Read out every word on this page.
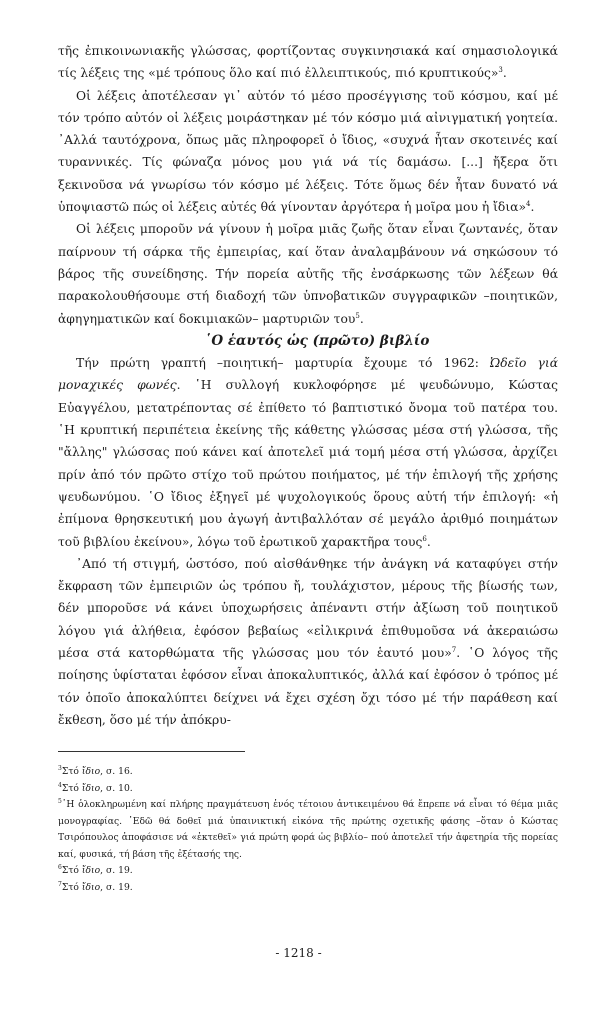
τῆς ἐπικοινωνιακῆς γλώσσας, φορτίζοντας συγκινησιακά καί σημασιολογικά τίς λέξεις της «μέ τρόπους ὅλο καί πιό ἐλλειπτικούς, πιό κρυπτικούς»$^3$.

Οἱ λέξεις ἀποτέλεσαν γι᾽ αὐτόν τό μέσο προσέγγισης τοῦ κόσμου, καί μέ τόν τρόπο αὐτόν οἱ λέξεις μοιράστηκαν μέ τόν κόσμο μιά αἰνιγματική γοητεία. ᾽Αλλά ταυτόχρονα, ὅπως μᾶς πληροφορεῖ ὁ ἴδιος, «συχνά ἦταν σκοτεινές καί τυραννικές. Τίς φώναζα μόνος μου γιά νά τίς δαμάσω. [...] ἤξερα ὅτι ξεκινοῦσα νά γνωρίσω τόν κόσμο μέ λέξεις. Τότε ὅμως δέν ἦταν δυνατό νά ὑποψιαστῶ πώς οἱ λέξεις αὐτές θά γίνονταν ἀργότερα ἡ μοῖρα μου ἡ ἴδια»$^4$.

Οἱ λέξεις μποροῦν νά γίνουν ἡ μοῖρα μιᾶς ζωῆς ὅταν εἶναι ζωντανές, ὅταν παίρνουν τή σάρκα τῆς ἐμπειρίας, καί ὅταν ἀναλαμβάνουν νά σηκώσουν τό βάρος τῆς συνείδησης. Τήν πορεία αὐτῆς τῆς ἐνσάρκωσης τῶν λέξεων θά παρακολουθήσουμε στή διαδοχή τῶν ὑπνοβατικῶν συγγραφικῶν –ποιητικῶν, ἀφηγηματικῶν καί δοκιμιακῶν– μαρτυριῶν του$^5$.

῾Ο ἑαυτός ὡς (πρῶτο) βιβλίο

Τήν πρώτη γραπτή –ποιητική– μαρτυρία ἔχουμε τό 1962: Ὠδεῖο γιά μοναχικές φωνές. ῾Η συλλογή κυκλοφόρησε μέ ψευδώνυμο, Κώστας Εὐαγγέλου, μετατρέποντας σέ ἐπίθετο τό βαπτιστικό ὄνομα τοῦ πατέρα του. ῾Η κρυπτική περιπέτεια ἐκείνης τῆς κάθετης γλώσσας μέσα στή γλώσσα, τῆς "ἄλλης" γλώσσας πού κάνει καί ἀποτελεῖ μιά τομή μέσα στή γλώσσα, ἀρχίζει πρίν ἀπό τόν πρῶτο στίχο τοῦ πρώτου ποιήματος, μέ τήν ἐπιλογή τῆς χρήσης ψευδωνύμου. ῾Ο ἴδιος ἐξηγεῖ μέ ψυχολογικούς ὅρους αὐτή τήν ἐπιλογή: «ἡ ἐπίμονα θρησκευτική μου ἀγωγή ἀντιβαλλόταν σέ μεγάλο ἀριθμό ποιημάτων τοῦ βιβλίου ἐκείνου», λόγω τοῦ ἐρωτικοῦ χαρακτῆρα τους$^6$.

᾽Από τή στιγμή, ὡστόσο, πού αἰσθάνθηκε τήν ἀνάγκη νά καταφύγει στήν ἔκφραση τῶν ἐμπειριῶν ὡς τρόπου ἤ, τουλάχιστον, μέρους τῆς βίωσής των, δέν μποροῦσε νά κάνει ὑποχωρήσεις ἀπέναντι στήν ἀξίωση τοῦ ποιητικοῦ λόγου γιά ἀλήθεια, ἐφόσον βεβαίως «εἰλικρινά ἐπιθυμοῦσα νά ἀκεραιώσω μέσα στά κατορθώματα τῆς γλώσσας μου τόν ἑαυτό μου»$^7$. ῾Ο λόγος τῆς ποίησης ὑφίσταται ἐφόσον εἶναι ἀποκαλυπτικός, ἀλλά καί ἐφόσον ὁ τρόπος μέ τόν ὁποῖο ἀποκαλύπτει δείχνει νά ἔχει σχέση ὄχι τόσο μέ τήν παράθεση καί ἔκθεση, ὅσο μέ τήν ἀπόκρυ-

$^3$Στό ἴδιο, σ. 16.

$^4$Στό ἴδιο, σ. 10.

$^5$῾Η ὁλοκληρωμένη καί πλήρης πραγμάτευση ἑνός τέτοιου ἀντικειμένου θά ἔπρεπε νά εἶναι τό θέμα μιᾶς μονογραφίας. ᾽Εδῶ θά δοθεῖ μιά ὑπαινικτική εἰκόνα τῆς πρώτης σχετικῆς φάσης –ὅταν ὁ Κώστας Τσιρόπουλος ἀποφάσισε νά «ἐκτεθεῖ» γιά πρώτη φορά ὡς βιβλίο– πού ἀποτελεῖ τήν ἀφετηρία τῆς πορείας καί, φυσικά, τή βάση τῆς ἐξέτασής της.

$^6$Στό ἴδιο, σ. 19.

$^7$Στό ἴδιο, σ. 19.

- 1218 -
